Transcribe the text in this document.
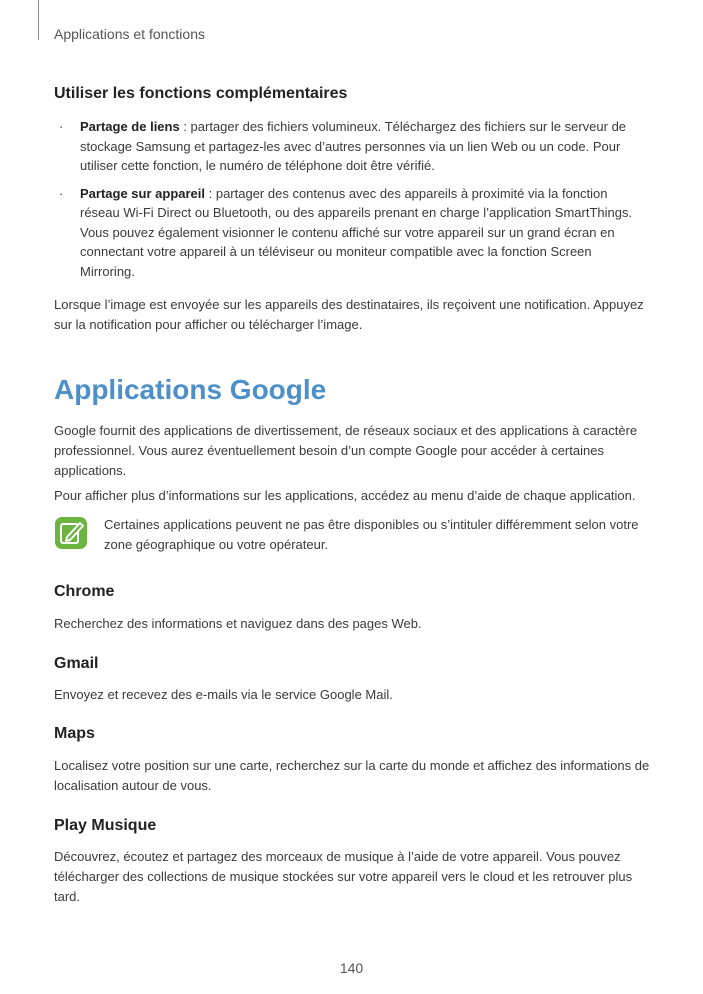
Applications et fonctions
Utiliser les fonctions complémentaires
· Partage de liens : partager des fichiers volumineux. Téléchargez des fichiers sur le serveur de stockage Samsung et partagez-les avec d’autres personnes via un lien Web ou un code. Pour utiliser cette fonction, le numéro de téléphone doit être vérifié.
· Partage sur appareil : partager des contenus avec des appareils à proximité via la fonction réseau Wi-Fi Direct ou Bluetooth, ou des appareils prenant en charge l’application SmartThings. Vous pouvez également visionner le contenu affiché sur votre appareil sur un grand écran en connectant votre appareil à un téléviseur ou moniteur compatible avec la fonction Screen Mirroring.

Lorsque l’image est envoyée sur les appareils des destinataires, ils reçoivent une notification. Appuyez sur la notification pour afficher ou télécharger l’image.

Applications Google

Google fournit des applications de divertissement, de réseaux sociaux et des applications à caractère professionnel. Vous aurez éventuellement besoin d’un compte Google pour accéder à certaines applications.

Pour afficher plus d’informations sur les applications, accédez au menu d’aide de chaque application.

Certaines applications peuvent ne pas être disponibles ou s’intituler différemment selon votre zone géographique ou votre opérateur.
Chrome
Recherchez des informations et naviguez dans des pages Web.
Gmail
Envoyez et recevez des e-mails via le service Google Mail.
Maps
Localisez votre position sur une carte, recherchez sur la carte du monde et affichez des informations de localisation autour de vous.
Play Musique
Découvrez, écoutez et partagez des morceaux de musique à l’aide de votre appareil. Vous pouvez télécharger des collections de musique stockées sur votre appareil vers le cloud et les retrouver plus tard.
140
